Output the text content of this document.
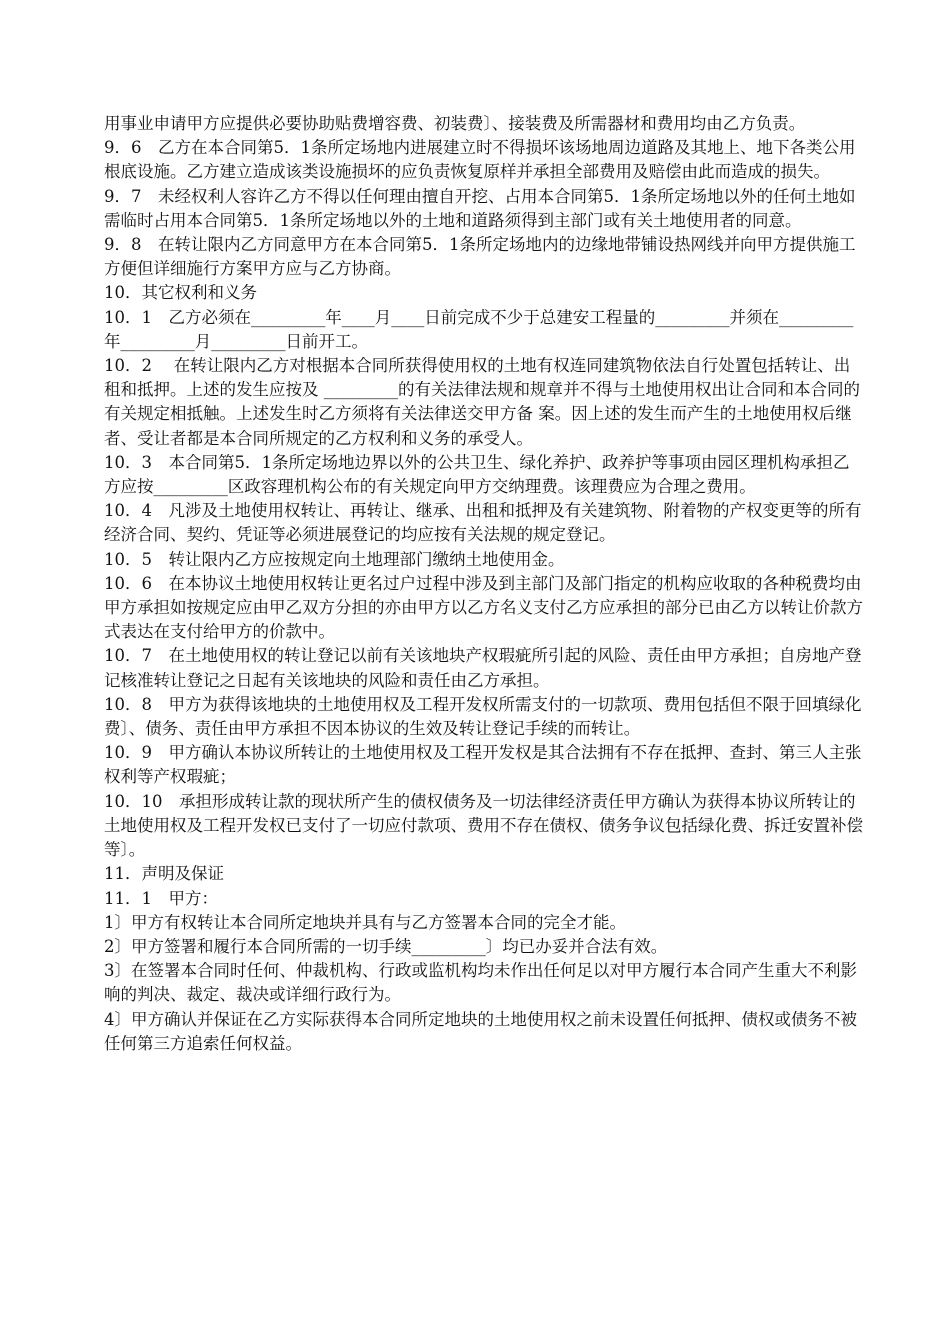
用事业申请甲方应提供必要协助贴费增容费、初装费〕、接装费及所需器材和费用均由乙方负责。

9．6　乙方在本合同第5．1条所定场地内进展建立时不得损坏该场地周边道路及其地上、地下各类公用根底设施。乙方建立造成该类设施损坏的应负责恢复原样并承担全部费用及赔偿由此而造成的损失。

9．7　未经权利人容许乙方不得以任何理由擅自开挖、占用本合同第5．1条所定场地以外的任何土地如需临时占用本合同第5．1条所定场地以外的土地和道路须得到主部门或有关土地使用者的同意。

9．8　在转让限内乙方同意甲方在本合同第5．1条所定场地内的边缘地带铺设热网线并向甲方提供施工方便但详细施行方案甲方应与乙方协商。

10．其它权利和义务

10．1　乙方必须在_________年____月____日前完成不少于总建安工程量的_________并须在_________年_________月_________日前开工。

10．2　 在转让限内乙方对根据本合同所获得使用权的土地有权连同建筑物依法自行处置包括转让、出租和抵押。上述的发生应按及 _________的有关法律法规和规章并不得与土地使用权出让合同和本合同的有关规定相抵触。上述发生时乙方须将有关法律送交甲方备 案。因上述的发生而产生的土地使用权后继者、受让者都是本合同所规定的乙方权利和义务的承受人。

10．3　本合同第5．1条所定场地边界以外的公共卫生、绿化养护、政养护等事项由园区理机构承担乙方应按_________区政容理机构公布的有关规定向甲方交纳理费。该理费应为合理之费用。

10．4　凡涉及土地使用权转让、再转让、继承、出租和抵押及有关建筑物、附着物的产权变更等的所有经济合同、契约、凭证等必须进展登记的均应按有关法规的规定登记。

10．5　转让限内乙方应按规定向土地理部门缴纳土地使用金。

10．6　在本协议土地使用权转让更名过户过程中涉及到主部门及部门指定的机构应收取的各种税费均由甲方承担如按规定应由甲乙双方分担的亦由甲方以乙方名义支付乙方应承担的部分已由乙方以转让价款方式表达在支付给甲方的价款中。

10．7　在土地使用权的转让登记以前有关该地块产权瑕疵所引起的风险、责任由甲方承担；自房地产登记核准转让登记之日起有关该地块的风险和责任由乙方承担。

10．8　甲方为获得该地块的土地使用权及工程开发权所需支付的一切款项、费用包括但不限于回填绿化费〕、债务、责任由甲方承担不因本协议的生效及转让登记手续的而转让。

10．9　甲方确认本协议所转让的土地使用权及工程开发权是其合法拥有不存在抵押、查封、第三人主张权利等产权瑕疵；

10．10　承担形成转让款的现状所产生的债权债务及一切法律经济责任甲方确认为获得本协议所转让的土地使用权及工程开发权已支付了一切应付款项、费用不存在债权、债务争议包括绿化费、拆迁安置补偿等〕。

11．声明及保证

11．1　甲方：

1〕甲方有权转让本合同所定地块并具有与乙方签署本合同的完全才能。

2〕甲方签署和履行本合同所需的一切手续_________〕均已办妥并合法有效。

3〕在签署本合同时任何、仲裁机构、行政或监机构均未作出任何足以对甲方履行本合同产生重大不利影响的判决、裁定、裁决或详细行政行为。

4〕甲方确认并保证在乙方实际获得本合同所定地块的土地使用权之前未设置任何抵押、债权或债务不被任何第三方追索任何权益。
